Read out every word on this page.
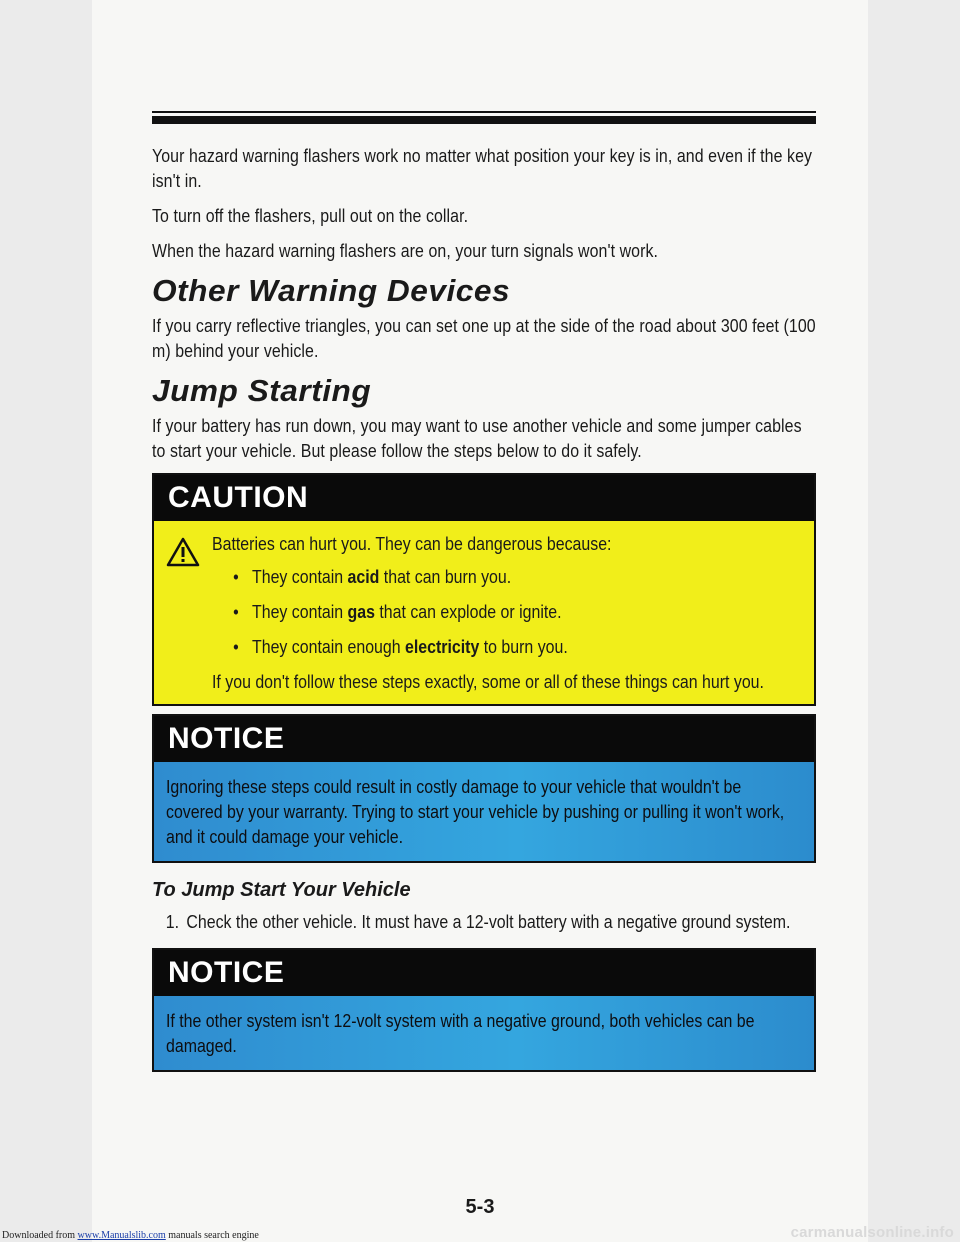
Your hazard warning flashers work no matter what position your key is in, and even if the key isn't in.

To turn off the flashers, pull out on the collar.

When the hazard warning flashers are on, your turn signals won't work.

Other Warning Devices

If you carry reflective triangles, you can set one up at the side of the road about 300 feet (100 m) behind your vehicle.

Jump Starting

If your battery has run down, you may want to use another vehicle and some jumper cables to start your vehicle. But please follow the steps below to do it safely.

CAUTION

Batteries can hurt you. They can be dangerous because:

• They contain acid that can burn you.
• They contain gas that can explode or ignite.
• They contain enough electricity to burn you.

If you don't follow these steps exactly, some or all of these things can hurt you.

NOTICE

Ignoring these steps could result in costly damage to your vehicle that wouldn't be covered by your warranty. Trying to start your vehicle by pushing or pulling it won't work, and it could damage your vehicle.

To Jump Start Your Vehicle
1. Check the other vehicle. It must have a 12-volt battery with a negative ground system.
NOTICE

If the other system isn't 12-volt system with a negative ground, both vehicles can be damaged.

5-3
Downloaded from www.Manualslib.com manuals search engine	carmanualsonline.info
